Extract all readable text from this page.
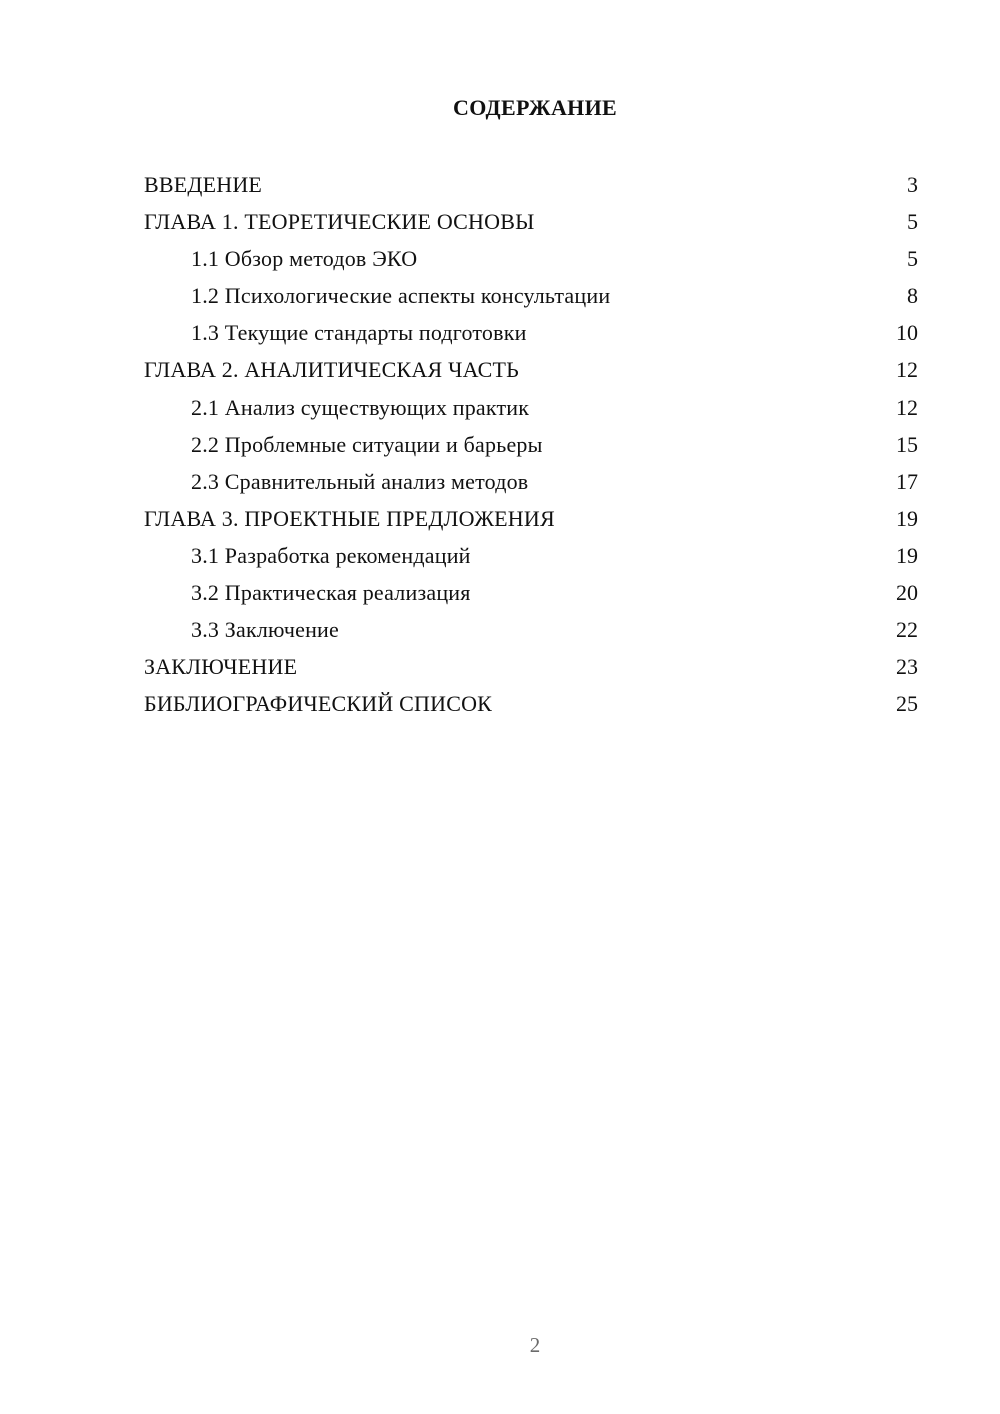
СОДЕРЖАНИЕ
ВВЕДЕНИЕ	3
ГЛАВА 1. ТЕОРЕТИЧЕСКИЕ ОСНОВЫ	5
1.1 Обзор методов ЭКО	5
1.2 Психологические аспекты консультации	8
1.3 Текущие стандарты подготовки	10
ГЛАВА 2. АНАЛИТИЧЕСКАЯ ЧАСТЬ	12
2.1 Анализ существующих практик	12
2.2 Проблемные ситуации и барьеры	15
2.3 Сравнительный анализ методов	17
ГЛАВА 3. ПРОЕКТНЫЕ ПРЕДЛОЖЕНИЯ	19
3.1 Разработка рекомендаций	19
3.2 Практическая реализация	20
3.3 Заключение	22
ЗАКЛЮЧЕНИЕ	23
БИБЛИОГРАФИЧЕСКИЙ СПИСОК	25
2
